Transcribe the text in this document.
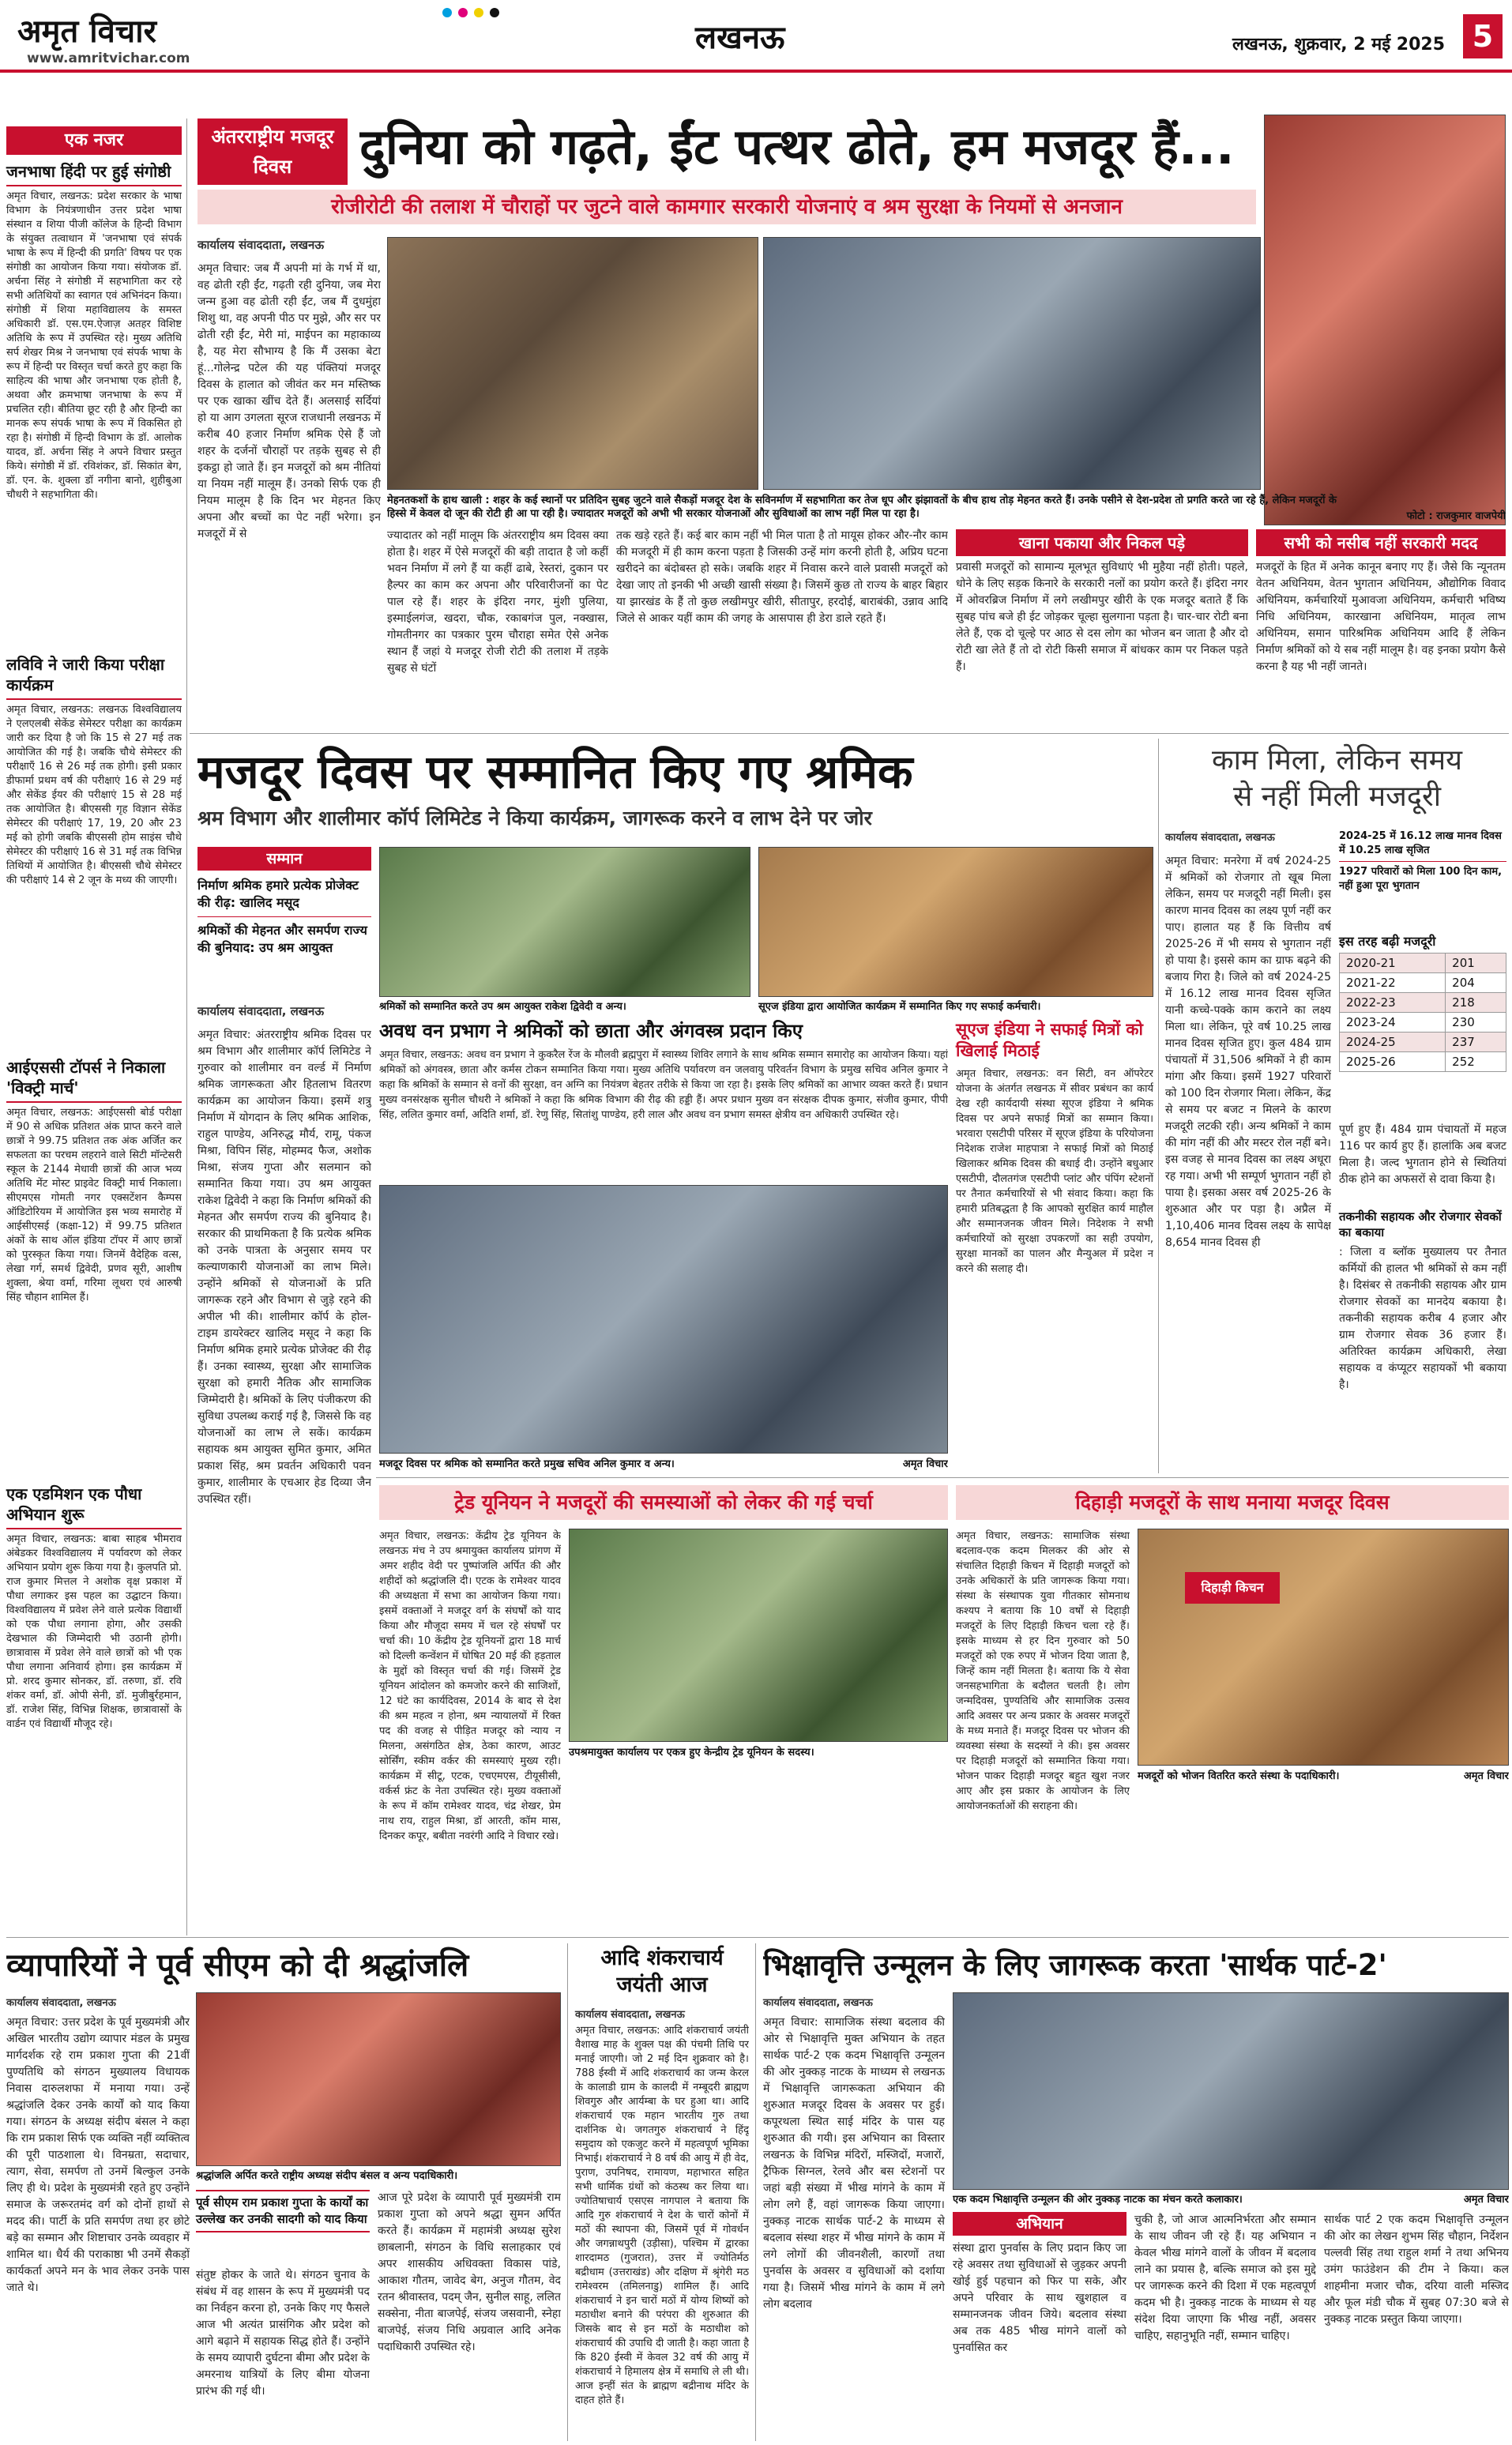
अमृत विचार
www.amritvichar.com
लखनऊ	लखनऊ, शुक्रवार, 2 मई 2025 5
एक नजर
जनभाषा हिंदी पर हुई संगोष्ठी
अमृत विचार, लखनऊ: प्रदेश सरकार के भाषा विभाग के नियंत्रणाधीन उत्तर प्रदेश भाषा संस्थान व शिया पीजी कॉलेज के हिन्दी विभाग के संयुक्त तत्वाधान में 'जनभाषा एवं संपर्क भाषा के रूप में हिन्दी की प्रगति' विषय पर एक संगोष्ठी का आयोजन किया गया। संयोजक डॉ. अर्चना सिंह ने संगोष्ठी में सहभागिता कर रहे सभी अतिथियों का स्वागत एवं अभिनंदन किया। संगोष्ठी में शिया महाविद्यालय के समस्त अधिकारी डॉ. एस.एम.ऐजाज़ अतहर विशिष्ट अतिथि के रूप में उपस्थित रहे। मुख्य अतिथि सर्प शेखर मिश्र ने जनभाषा एवं संपर्क भाषा के रूप में हिन्दी पर विस्तृत चर्चा करते हुए कहा कि साहित्य की भाषा और जनभाषा एक होती है, अथवा और क्रमभाषा जनभाषा के रूप में प्रचलित रही। बीतिया छूट रही है और हिन्दी का मानक रूप संपर्क भाषा के रूप में विकसित हो रहा है। संगोष्ठी में हिन्दी विभाग के डॉ. आलोक यादव, डॉ. अर्चना सिंह ने अपने विचार प्रस्तुत किये। संगोष्ठी में डॉ. रविशंकर, डॉ. सिकांत बेग, डॉ. एन. के. शुक्ला डॉ नगीना बानो, शुहीबुआ चौधरी ने सहभागिता की।
लविवि ने जारी किया परीक्षा कार्यक्रम
अमृत विचार, लखनऊ: लखनऊ विश्वविद्यालय ने एलएलबी सेकेंड सेमेस्टर परीक्षा का कार्यक्रम जारी कर दिया है जो कि 15 से 27 मई तक आयोजित की गई है। जबकि चौथे सेमेस्टर की परीक्षाएँ 16 से 26 मई तक होगी। इसी प्रकार डीफार्मा प्रथम वर्ष की परीक्षाएं 16 से 29 मई और सेकेंड ईयर की परीक्षाएं 15 से 28 मई तक आयोजित है। बीएससी गृह विज्ञान सेकेंड सेमेस्टर की परीक्षाएं 17, 19, 20 और 23 मई को होगी जबकि बीएससी होम साइंस चौथे सेमेस्टर की परीक्षाएं 16 से 31 मई तक विभिन्न तिथियों में आयोजित है। बीएससी चौथे सेमेस्टर की परीक्षाएं 14 से 2 जून के मध्य की जाएगी।
आईएससी टॉपर्स ने निकाला 'विक्ट्री मार्च'
अमृत विचार, लखनऊ: आईएससी बोर्ड परीक्षा में 90 से अधिक प्रतिशत अंक प्राप्त करने वाले छात्रों ने 99.75 प्रतिशत तक अंक अर्जित कर सफलता का परचम लहराने वाले सिटी मॉन्टेसरी स्कूल के 2144 मेधावी छात्रों की आज भव्य अतिथि मेंट मोस्ट प्राइवेट विक्ट्री मार्च निकाला। सीएमएस गोमती नगर एक्सटेंशन कैम्पस ऑडिटोरियम में आयोजित इस भव्य समारोह में आईसीएसई (कक्षा-12) में 99.75 प्रतिशत अंकों के साथ ऑल इंडिया टॉपर में आए छात्रों को पुरस्कृत किया गया। जिनमें वैदेहिक वत्स, लेखा गर्ग, समर्थ द्विवेदी, प्रणव सूरी, आशीष शुक्ला, श्रेया वर्मा, गरिमा लूथरा एवं आरुषी सिंह चौहान शामिल हैं।
एक एडमिशन एक पौधा अभियान शुरू
अमृत विचार, लखनऊ: बाबा साहब भीमराव अंबेडकर विश्वविद्यालय में पर्यावरण को लेकर अभियान प्रयोग शुरू किया गया है। कुलपति प्रो. राज कुमार मित्तल ने अशोक वृक्ष प्रकाश में पौधा लगाकर इस पहल का उद्घाटन किया। विश्वविद्यालय में प्रवेश लेने वाले प्रत्येक विद्यार्थी को एक पौधा लगाना होगा, और उसकी देखभाल की जिम्मेदारी भी उठानी होगी। छात्रावास में प्रवेश लेने वाले छात्रों को भी एक पौधा लगाना अनिवार्य होगा। इस कार्यक्रम में प्रो. शरद कुमार सोनकर, डॉ. तरुणा, डॉ. रवि शंकर वर्मा, डॉ. ओपी सेनी, डॉ. मुजीबुर्रहमान, डॉ. राजेश सिंह, विभिन्न शिक्षक, छात्रावासों के वार्डन एवं विद्यार्थी मौजूद रहे।
अंतरराष्ट्रीय मजदूर दिवस	दुनिया को गढ़ते, ईंट पत्थर ढोते, हम मजदूर हैं...
रोजीरोटी की तलाश में चौराहों पर जुटने वाले कामगार सरकारी योजनाएं व श्रम सुरक्षा के नियमों से अनजान
कार्यालय संवाददाता, लखनऊ
अमृत विचार: जब मैं अपनी मां के गर्भ में था, वह ढोती रही ईंट, गढ़ती रही दुनिया, जब मेरा जन्म हुआ वह ढोती रही ईंट, जब मैं दुधमुंहा शिशु था, वह अपनी पीठ पर मुझे, और सर पर ढोती रही ईंट, मेरी मां, माईपन का महाकाव्य है, यह मेरा सौभाग्य है कि मैं उसका बेटा हूं...गोलेन्द्र पटेल की यह पंक्तियां मजदूर दिवस के हालात को जीवंत कर मन मस्तिष्क पर एक खाका खींच देते हैं। अलसाई सर्दियां हो या आग उगलता सूरज राजधानी लखनऊ में करीब 40 हजार निर्माण श्रमिक ऐसे हैं जो शहर के दर्जनों चौराहों पर तड़के सुबह से ही इकट्ठा हो जाते हैं। इन मजदूरों को श्रम नीतियां या नियम नहीं मालूम हैं। उनको सिर्फ एक ही नियम मालूम है कि दिन भर मेहनत किए अपना और बच्चों का पेट नहीं भरेगा। इन मजदूरों में से
मेहनतकशों के हाथ खाली : शहर के कई स्थानों पर प्रतिदिन सुबह जुटने वाले सैकड़ों मजदूर देश के सविनर्माण में सहभागिता कर तेज धूप और झंझावतों के बीच हाथ तोड़ मेहनत करते हैं। उनके पसीने से देश-प्रदेश तो प्रगति करते जा रहे हैं, लेकिन मजदूरों के हिस्से में केवल दो जून की रोटी ही आ पा रही है। ज्यादातर मजदूरों को अभी भी सरकार योजनाओं और सुविधाओं का लाभ नहीं मिल पा रहा है।	फोटो : राजकुमार वाजपेयी
ज्यादातर को नहीं मालूम कि अंतरराष्ट्रीय श्रम दिवस क्या होता है। शहर में ऐसे मजदूरों की बड़ी तादात है जो कहीं भवन निर्माण में लगे हैं या कहीं ढाबे, रेस्तरां, दुकान पर हैल्पर का काम कर अपना और परिवारीजनों का पेट पाल रहे हैं। शहर के इंदिरा नगर, मुंशी पुलिया, इस्माईलगंज, खदरा, चौक, रकाबगंज पुल, नक्खास, गोमतीनगर का पत्रकार पुरम चौराहा समेत ऐसे अनेक स्थान हैं जहां ये मजदूर रोजी रोटी की तलाश में तड़के सुबह से घंटों
तक खड़े रहते हैं। कई बार काम नहीं भी मिल पाता है तो मायूस होकर और-नौर काम की मजदूरी में ही काम करना पड़ता है जिसकी उन्हें मांग करनी होती है, अप्रिय घटना खरीदने का बंदोबस्त हो सके। जबकि शहर में निवास करने वाले प्रवासी मजदूरों को देखा जाए तो इनकी भी अच्छी खासी संख्या है। जिसमें कुछ तो राज्य के बाहर बिहार या झारखंड के हैं तो कुछ लखीमपुर खीरी, सीतापुर, हरदोई, बाराबंकी, उन्नाव आदि जिले से आकर यहीं काम की जगह के आसपास ही डेरा डाले रहते हैं।
खाना पकाया और निकल पड़े
प्रवासी मजदूरों को सामान्य मूलभूत सुविधाएं भी मुहैया नहीं होती। पहले, धोने के लिए सड़क किनारे के सरकारी नलों का प्रयोग करते हैं। इंदिरा नगर में ओवरब्रिज निर्माण में लगे लखीमपुर खीरी के एक मजदूर बताते हैं कि सुबह पांच बजे ही ईट जोड़कर चूल्हा सुलगाना पड़ता है। चार-चार रोटी बना लेते हैं, एक दो चूल्हे पर आठ से दस लोग का भोजन बन जाता है और दो रोटी खा लेते हैं तो दो रोटी किसी समाज में बांधकर काम पर निकल पड़ते हैं।
सभी को नसीब नहीं सरकारी मदद
मजदूरों के हित में अनेक कानून बनाए गए हैं। जैसे कि न्यूनतम वेतन अधिनियम, वेतन भुगतान अधिनियम, औद्योगिक विवाद अधिनियम, कर्मचारियों मुआवजा अधिनियम, कर्मचारी भविष्य निधि अधिनियम, कारखाना अधिनियम, मातृत्व लाभ अधिनियम, समान पारिश्रमिक अधिनियम आदि हैं लेकिन निर्माण श्रमिकों को ये सब नहीं मालूम है। वह इनका प्रयोग कैसे करना है यह भी नहीं जानते।
मजदूर दिवस पर सम्मानित किए गए श्रमिक
श्रम विभाग और शालीमार कॉर्प लिमिटेड ने किया कार्यक्रम, जागरूक करने व लाभ देने पर जोर
सम्मान
निर्माण श्रमिक हमारे प्रत्येक प्रोजेक्ट की रीढ़: खालिद मसूद
श्रमिकों की मेहनत और समर्पण राज्य की बुनियाद: उप श्रम आयुक्त
कार्यालय संवाददाता, लखनऊ	श्रमिकों को सम्मानित करते उप श्रम आयुक्त राकेश द्विवेदी व अन्य।	सूएज इंडिया द्वारा आयोजित कार्यक्रम में सम्मानित किए गए सफाई कर्मचारी।
अमृत विचार: अंतरराष्ट्रीय श्रमिक दिवस पर श्रम विभाग और शालीमार कॉर्प लिमिटेड ने गुरुवार को शालीमार वन वर्ल्ड में निर्माण श्रमिक जागरूकता और हितलाभ वितरण कार्यक्रम का आयोजन किया। इसमें शत्रु निर्माण में योगदान के लिए श्रमिक आशिक, राहुल पाण्डेय, अनिरुद्ध मौर्य, रामू, पंकज मिश्रा, विपिन सिंह, मोहम्मद फैज, अशोक मिश्रा, संजय गुप्ता और सलमान को सम्मानित किया गया। उप श्रम आयुक्त राकेश द्विवेदी ने कहा कि निर्माण श्रमिकों की मेहनत और समर्पण राज्य की बुनियाद है। सरकार की प्राथमिकता है कि प्रत्येक श्रमिक को उनके पात्रता के अनुसार समय पर कल्याणकारी योजनाओं का लाभ मिले। उन्होंने श्रमिकों से योजनाओं के प्रति जागरूक रहने और विभाग से जुड़े रहने की अपील भी की। शालीमार कॉर्प के होल-टाइम डायरेक्टर खालिद मसूद ने कहा कि निर्माण श्रमिक हमारे प्रत्येक प्रोजेक्ट की रीढ़ हैं। उनका स्वास्थ्य, सुरक्षा और सामाजिक सुरक्षा को हमारी नैतिक और सामाजिक जिम्मेदारी है। श्रमिकों के लिए पंजीकरण की सुविधा उपलब्ध कराई गई है, जिससे कि वह योजनाओं का लाभ ले सकें। कार्यक्रम सहायक श्रम आयुक्त सुमित कुमार, अमित प्रकाश सिंह, श्रम प्रवर्तन अधिकारी पवन कुमार, शालीमार के एचआर हेड दिव्या जैन उपस्थित रहीं।
अवध वन प्रभाग ने श्रमिकों को छाता और अंगवस्त्र प्रदान किए
अमृत विचार, लखनऊ: अवध वन प्रभाग ने कुकरैल रेंज के मौलवी ब्रह्मपुरा में स्वास्थ्य शिविर लगाने के साथ श्रमिक सम्मान समारोह का आयोजन किया। यहां श्रमिकों को अंगवस्त्र, छाता और कर्मस टोकन सम्मानित किया गया। मुख्य अतिथि पर्यावरण वन जलवायु परिवर्तन विभाग के प्रमुख सचिव अनिल कुमार ने कहा कि श्रमिकों के सम्मान से वनों की सुरक्षा, वन अग्नि का नियंत्रण बेहतर तरीके से किया जा रहा है। इसके लिए श्रमिकों का आभार व्यक्त करते हैं। प्रधान मुख्य वनसंरक्षक सुनील चौधरी ने श्रमिकों ने कहा कि श्रमिक विभाग की रीढ़ की हड्डी हैं। अपर प्रधान मुख्य वन संरक्षक दीपक कुमार, संजीव कुमार, पीपी सिंह, ललित कुमार वर्मा, अदिति शर्मा, डॉ. रेणु सिंह, सितांशु पाण्डेय, हरी लाल और अवध वन प्रभाग समस्त क्षेत्रीय वन अधिकारी उपस्थित रहे।
मजदूर दिवस पर श्रमिक को सम्मानित करते प्रमुख सचिव अनिल कुमार व अन्य।	अमृत विचार
सूएज इंडिया ने सफाई मित्रों को खिलाई मिठाई
अमृत विचार, लखनऊ: वन सिटी, वन ऑपरेटर योजना के अंतर्गत लखनऊ में सीवर प्रबंधन का कार्य देख रही कार्यदायी संस्था सूएज इंडिया ने श्रमिक दिवस पर अपने सफाई मित्रों का सम्मान किया। भरवारा एसटीपी परिसर में सूएज इंडिया के परियोजना निदेशक राजेश माहपात्रा ने सफाई मित्रों को मिठाई खिलाकर श्रमिक दिवस की बधाई दी। उन्होंने बधुआर एसटीपी, दौलतगंज एसटीपी प्लांट और पंपिंग स्टेशनों पर तैनात कर्मचारियों से भी संवाद किया। कहा कि हमारी प्रतिबद्धता है कि आपको सुरक्षित कार्य माहौल और सम्मानजनक जीवन मिले। निदेशक ने सभी कर्मचारियों को सुरक्षा उपकरणों का सही उपयोग, सुरक्षा मानकों का पालन और मैन्युअल में प्रदेश न करने की सलाह दी।
काम मिला, लेकिन समय
से नहीं मिली मजदूरी
कार्यालय संवाददाता, लखनऊ
अमृत विचार: मनरेगा में वर्ष 2024-25 में श्रमिकों को रोजगार तो खूब मिला लेकिन, समय पर मजदूरी नहीं मिली। इस कारण मानव दिवस का लक्ष्य पूर्ण नहीं कर पाए। हालात यह हैं कि वित्तीय वर्ष 2025-26 में भी समय से भुगतान नहीं हो पाया है। इससे काम का ग्राफ बढ़ने की बजाय गिरा है। जिले को वर्ष 2024-25 में 16.12 लाख मानव दिवस सृजित यानी कच्चे-पक्के काम कराने का लक्ष्य मिला था। लेकिन, पूरे वर्ष 10.25 लाख मानव दिवस सृजित हुए। कुल 484 ग्राम पंचायतों में 31,506 श्रमिकों ने ही काम मांगा और किया। इसमें 1927 परिवारों को 100 दिन रोजगार मिला। लेकिन, केंद्र से समय पर बजट न मिलने के कारण मजदूरी लटकी रही। अन्य श्रमिकों ने काम की मांग नहीं की और मस्टर रोल नहीं बने। इस वजह से मानव दिवस का लक्ष्य अधूरा रह गया। अभी भी सम्पूर्ण भुगतान नहीं हो पाया है। इसका असर वर्ष 2025-26 के शुरुआत और पर पड़ा है। अप्रैल में 1,10,406 मानव दिवस लक्ष्य के सापेक्ष 8,654 मानव दिवस ही
2024-25 में 16.12 लाख मानव दिवस में 10.25 लाख सृजित
1927 परिवारों को मिला 100 दिन काम, नहीं हुआ पूरा भुगतान
इस तरह बढ़ी मजदूरी
2020-21	201
2021-22	204
2022-23	218
2023-24	230
2024-25	237
2025-26	252
पूर्ण हुए हैं। 484 ग्राम पंचायतों में महज 116 पर कार्य हुए हैं। हालांकि अब बजट मिला है। जल्द भुगतान होने से स्थितियां ठीक होने का अफसरों से दावा किया है।
तकनीकी सहायक और रोजगार सेवकों का बकाया
: जिला व ब्लॉक मुख्यालय पर तैनात कर्मियों की हालत भी श्रमिकों से कम नहीं है। दिसंबर से तकनीकी सहायक और ग्राम रोजगार सेवकों का मानदेय बकाया है। तकनीकी सहायक करीब 4 हजार और ग्राम रोजगार सेवक 36 हजार हैं। अतिरिक्त कार्यक्रम अधिकारी, लेखा सहायक व कंप्यूटर सहायकों भी बकाया है।
ट्रेड यूनियन ने मजदूरों की समस्याओं को लेकर की गई चर्चा
अमृत विचार, लखनऊ: केंद्रीय ट्रेड यूनियन के लखनऊ मंच ने उप श्रमायुक्त कार्यालय प्रांगण में अमर शहीद वेदी पर पुष्पांजलि अर्पित की और शहीदों को श्रद्धांजलि दी। एटक के रामेश्वर यादव की अध्यक्षता में सभा का आयोजन किया गया। इसमें वक्ताओं ने मजदूर वर्ग के संघर्षों को याद किया और मौजूदा समय में चल रहे संघर्षों पर चर्चा की। 10 केंद्रीय ट्रेड यूनियनों द्वारा 18 मार्च को दिल्ली कन्वेंशन में घोषित 20 मई की हड़ताल के मुद्दों को विस्तृत चर्चा की गई। जिसमें ट्रेड यूनियन आंदोलन को कमजोर करने की साजिशों, 12 घंटे का कार्यदिवस, 2014 के बाद से देश की श्रम महत्व न होना, श्रम न्यायालयों में रिक्त पद की वजह से पीड़ित मजदूर को न्याय न मिलना, असंगठित क्षेत्र, ठेका कारण, आउट सोर्सिंग, स्कीम वर्कर की समस्याएं मुख्य रही। कार्यक्रम में सीटू, एटक, एचएमएस, टीयूसीसी, वर्कर्स फ्रंट के नेता उपस्थित रहे। मुख्य वक्ताओं के रूप में कॉम रामेश्वर यादव, चंद्र शेखर, प्रेम नाथ राय, राहुल मिश्रा, डॉ आरती, कॉम मास, दिनकर कपूर, बबीता नवरंगी आदि ने विचार रखे।
उपश्रमायुक्त कार्यालय पर एकत्र हुए केन्द्रीय ट्रेड यूनियन के सदस्य।
दिहाड़ी मजदूरों के साथ मनाया मजदूर दिवस
अमृत विचार, लखनऊ: सामाजिक संस्था बदलाव-एक कदम मिलकर की ओर से संचालित दिहाड़ी किचन में दिहाड़ी मजदूरों को उनके अधिकारों के प्रति जागरूक किया गया। संस्था के संस्थापक युवा गीतकार सोमनाथ कश्यप ने बताया कि 10 वर्षों से दिहाड़ी मजदूरों के लिए दिहाड़ी किचन चला रहे हैं। इसके माध्यम से हर दिन गुरुवार को 50 मजदूरों को एक रुपए में भोजन दिया जाता है, जिन्हें काम नहीं मिलता है। बताया कि ये सेवा जनसहभागिता के बदौलत चलती है। लोग जन्मदिवस, पुण्यतिथि और सामाजिक उत्सव आदि अवसर पर अन्य प्रकार के अवसर मजदूरों के मध्य मनाते हैं। मजदूर दिवस पर भोजन की व्यवस्था संस्था के सदस्यों ने की। इस अवसर पर दिहाड़ी मजदूरों को सम्मानित किया गया। भोजन पाकर दिहाड़ी मजदूर बहुत खुश नजर आए और इस प्रकार के आयोजन के लिए आयोजनकर्ताओं की सराहना की।
दिहाड़ी किचन
मजदूरों को भोजन वितरित करते संस्था के पदाधिकारी।	अमृत विचार
व्यापारियों ने पूर्व सीएम को दी श्रद्धांजलि
कार्यालय संवाददाता, लखनऊ
अमृत विचार: उत्तर प्रदेश के पूर्व मुख्यमंत्री और अखिल भारतीय उद्योग व्यापार मंडल के प्रमुख मार्गदर्शक रहे राम प्रकाश गुप्ता की 21वीं पुण्यतिथि को संगठन मुख्यालय विधायक निवास दारुलशफा में मनाया गया। उन्हें श्रद्धांजलि देकर उनके कार्यों को याद किया गया। संगठन के अध्यक्ष संदीप बंसल ने कहा कि राम प्रकाश सिर्फ एक व्यक्ति नहीं व्यक्तित्व की पूरी पाठशाला थे। विनम्रता, सदाचार, त्याग, सेवा, समर्पण तो उनमें बिल्कुल उनके लिए ही थे। प्रदेश के मुख्यमंत्री रहते हुए उन्होंने समाज के जरूरतमंद वर्ग को दोनों हाथों से मदद की। पार्टी के प्रति समर्पण तथा हर छोटे बड़े का सम्मान और शिष्टाचार उनके व्यवहार में शामिल था। धैर्य की पराकाष्ठा भी उनमें सैकड़ों कार्यकर्ता अपने मन के भाव लेकर उनके पास जाते थे।
श्रद्धांजलि अर्पित करते राष्ट्रीय अध्यक्ष संदीप बंसल व अन्य पदाधिकारी।
पूर्व सीएम राम प्रकाश गुप्ता के कार्यों का उल्लेख कर उनकी सादगी को याद किया
संतुष्ट होकर के जाते थे। संगठन चुनाव के संबंध में वह शासन के रूप में मुख्यमंत्री पद का निर्वहन करना हो, उनके किए गए फैसले आज भी अत्यंत प्रासंगिक और प्रदेश को आगे बढ़ाने में सहायक सिद्ध होते हैं। उन्होंने के समय व्यापारी दुर्घटना बीमा और प्रदेश के अमरनाथ यात्रियों के लिए बीमा योजना प्रारंभ की गई थी।
आज पूरे प्रदेश के व्यापारी पूर्व मुख्यमंत्री राम प्रकाश गुप्ता को अपने श्रद्धा सुमन अर्पित करते हैं। कार्यक्रम में महामंत्री अध्यक्ष सुरेश छाबलानी, संगठन के विधि सलाहकार एवं अपर शासकीय अधिवक्ता विकास पांडे, आकाश गौतम, जावेद बेग, अनुज गौतम, वेद रतन श्रीवास्तव, पदम् जैन, सुनील साहू, ललित सक्सेना, नीता बाजपेई, संजय जसवानी, स्नेहा बाजपेई, संजय निधि अग्रवाल आदि अनेक पदाधिकारी उपस्थित रहे।
आदि शंकराचार्य जयंती आज
कार्यालय संवाददाता, लखनऊ
अमृत विचार, लखनऊ: आदि शंकराचार्य जयंती वैशाख माह के शुक्ल पक्ष की पंचमी तिथि पर मनाई जाएगी। जो 2 मई दिन शुक्रवार को है। 788 ईस्वी में आदि शंकराचार्य का जन्म केरल के कालाडी ग्राम के कालदी में नम्बूदरी ब्राह्मण शिवगुरु और आर्यम्बा के घर हुआ था। आदि शंकराचार्य एक महान भारतीय गुरु तथा दार्शनिक थे। जगतगुरु शंकराचार्य ने हिंदू समुदाय को एकजुट करने में महत्वपूर्ण भूमिका निभाई। शंकराचार्य ने 8 वर्ष की आयु में ही वेद, पुराण, उपनिषद, रामायण, महाभारत सहित सभी धार्मिक ग्रंथों को कंठस्थ कर लिया था। ज्योतिषाचार्य एसएस नागपाल ने बताया कि आदि गुरु शंकराचार्य ने देश के चारों कोनों में मठों की स्थापना की, जिसमें पूर्व में गोवर्धन और जगन्नाथपुरी (उड़ीसा), पश्चिम में द्वारका शारदामठ (गुजरात), उत्तर में ज्योतिर्मठ बद्रीधाम (उत्तराखंड) और दक्षिण में श्रृंगेरी मठ रामेश्वरम (तमिलनाडु) शामिल हैं। आदि शंकराचार्य ने इन चारों मठों में योग्य शिष्यों को मठाधीश बनाने की परंपरा की शुरुआत की जिसके बाद से इन मठों के मठाधीश को शंकराचार्य की उपाधि दी जाती है। कहा जाता है कि 820 ईस्वी में केवल 32 वर्ष की आयु में शंकराचार्य ने हिमालय क्षेत्र में समाधि ले ली थी। आज इन्हीं संत के ब्राह्मण बद्रीनाथ मंदिर के दाहत होते हैं।
भिक्षावृत्ति उन्मूलन के लिए जागरूक करता 'सार्थक पार्ट-2'
कार्यालय संवाददाता, लखनऊ
अमृत विचार: सामाजिक संस्था बदलाव की ओर से भिक्षावृत्ति मुक्त अभियान के तहत सार्थक पार्ट-2 एक कदम भिक्षावृत्ति उन्मूलन की ओर नुक्कड़ नाटक के माध्यम से लखनऊ में भिक्षावृत्ति जागरूकता अभियान की शुरुआत मजदूर दिवस के अवसर पर हुई। कपूरथला स्थित साई मंदिर के पास यह शुरुआत की गयी। इस अभियान का विस्तार लखनऊ के विभिन्न मंदिरों, मस्जिदों, मजारों, ट्रैफिक सिग्नल, रेलवे और बस स्टेशनों पर जहां बड़ी संख्या में भीख मांगने के काम में लोग लगे हैं, वहां जागरूक किया जाएगा। नुक्कड़ नाटक सार्थक पार्ट-2 के माध्यम से बदलाव संस्था शहर में भीख मांगने के काम में लगे लोगों की जीवनशैली, कारणों तथा पुनर्वास के अवसर व सुविधाओं को दर्शाया गया है। जिसमें भीख मांगने के काम में लगे लोग बदलाव
एक कदम भिक्षावृत्ति उन्मूलन की ओर नुक्कड़ नाटक का मंचन करते कलाकार।	अमृत विचार
अभियान
संस्था द्वारा पुनर्वास के लिए प्रदान किए जा रहे अवसर तथा सुविधाओं से जुड़कर अपनी खोई हुई पहचान को फिर पा सके, और अपने परिवार के साथ खुशहाल व सम्मानजनक जीवन जिये। बदलाव संस्था अब तक 485 भीख मांगने वालों को पुनर्वासित कर
चुकी है, जो आज आत्मनिर्भरता और सम्मान के साथ जीवन जी रहे हैं। यह अभियान न केवल भीख मांगने वालों के जीवन में बदलाव लाने का प्रयास है, बल्कि समाज को इस मुद्दे पर जागरूक करने की दिशा में एक महत्वपूर्ण कदम भी है। नुक्कड़ नाटक के माध्यम से यह संदेश दिया जाएगा कि भीख नहीं, अवसर चाहिए, सहानुभूति नहीं, सम्मान चाहिए।
सार्थक पार्ट 2 एक कदम भिक्षावृत्ति उन्मूलन की ओर का लेखन शुभम सिंह चौहान, निर्देशन पल्लवी सिंह तथा राहुल शर्मा ने तथा अभिनय उमंग फाउंडेशन की टीम ने किया। कल शाहमीना मजार चौक, दरिया वाली मस्जिद और फूल मंडी चौक में सुबह 07:30 बजे से नुक्कड़ नाटक प्रस्तुत किया जाएगा।
